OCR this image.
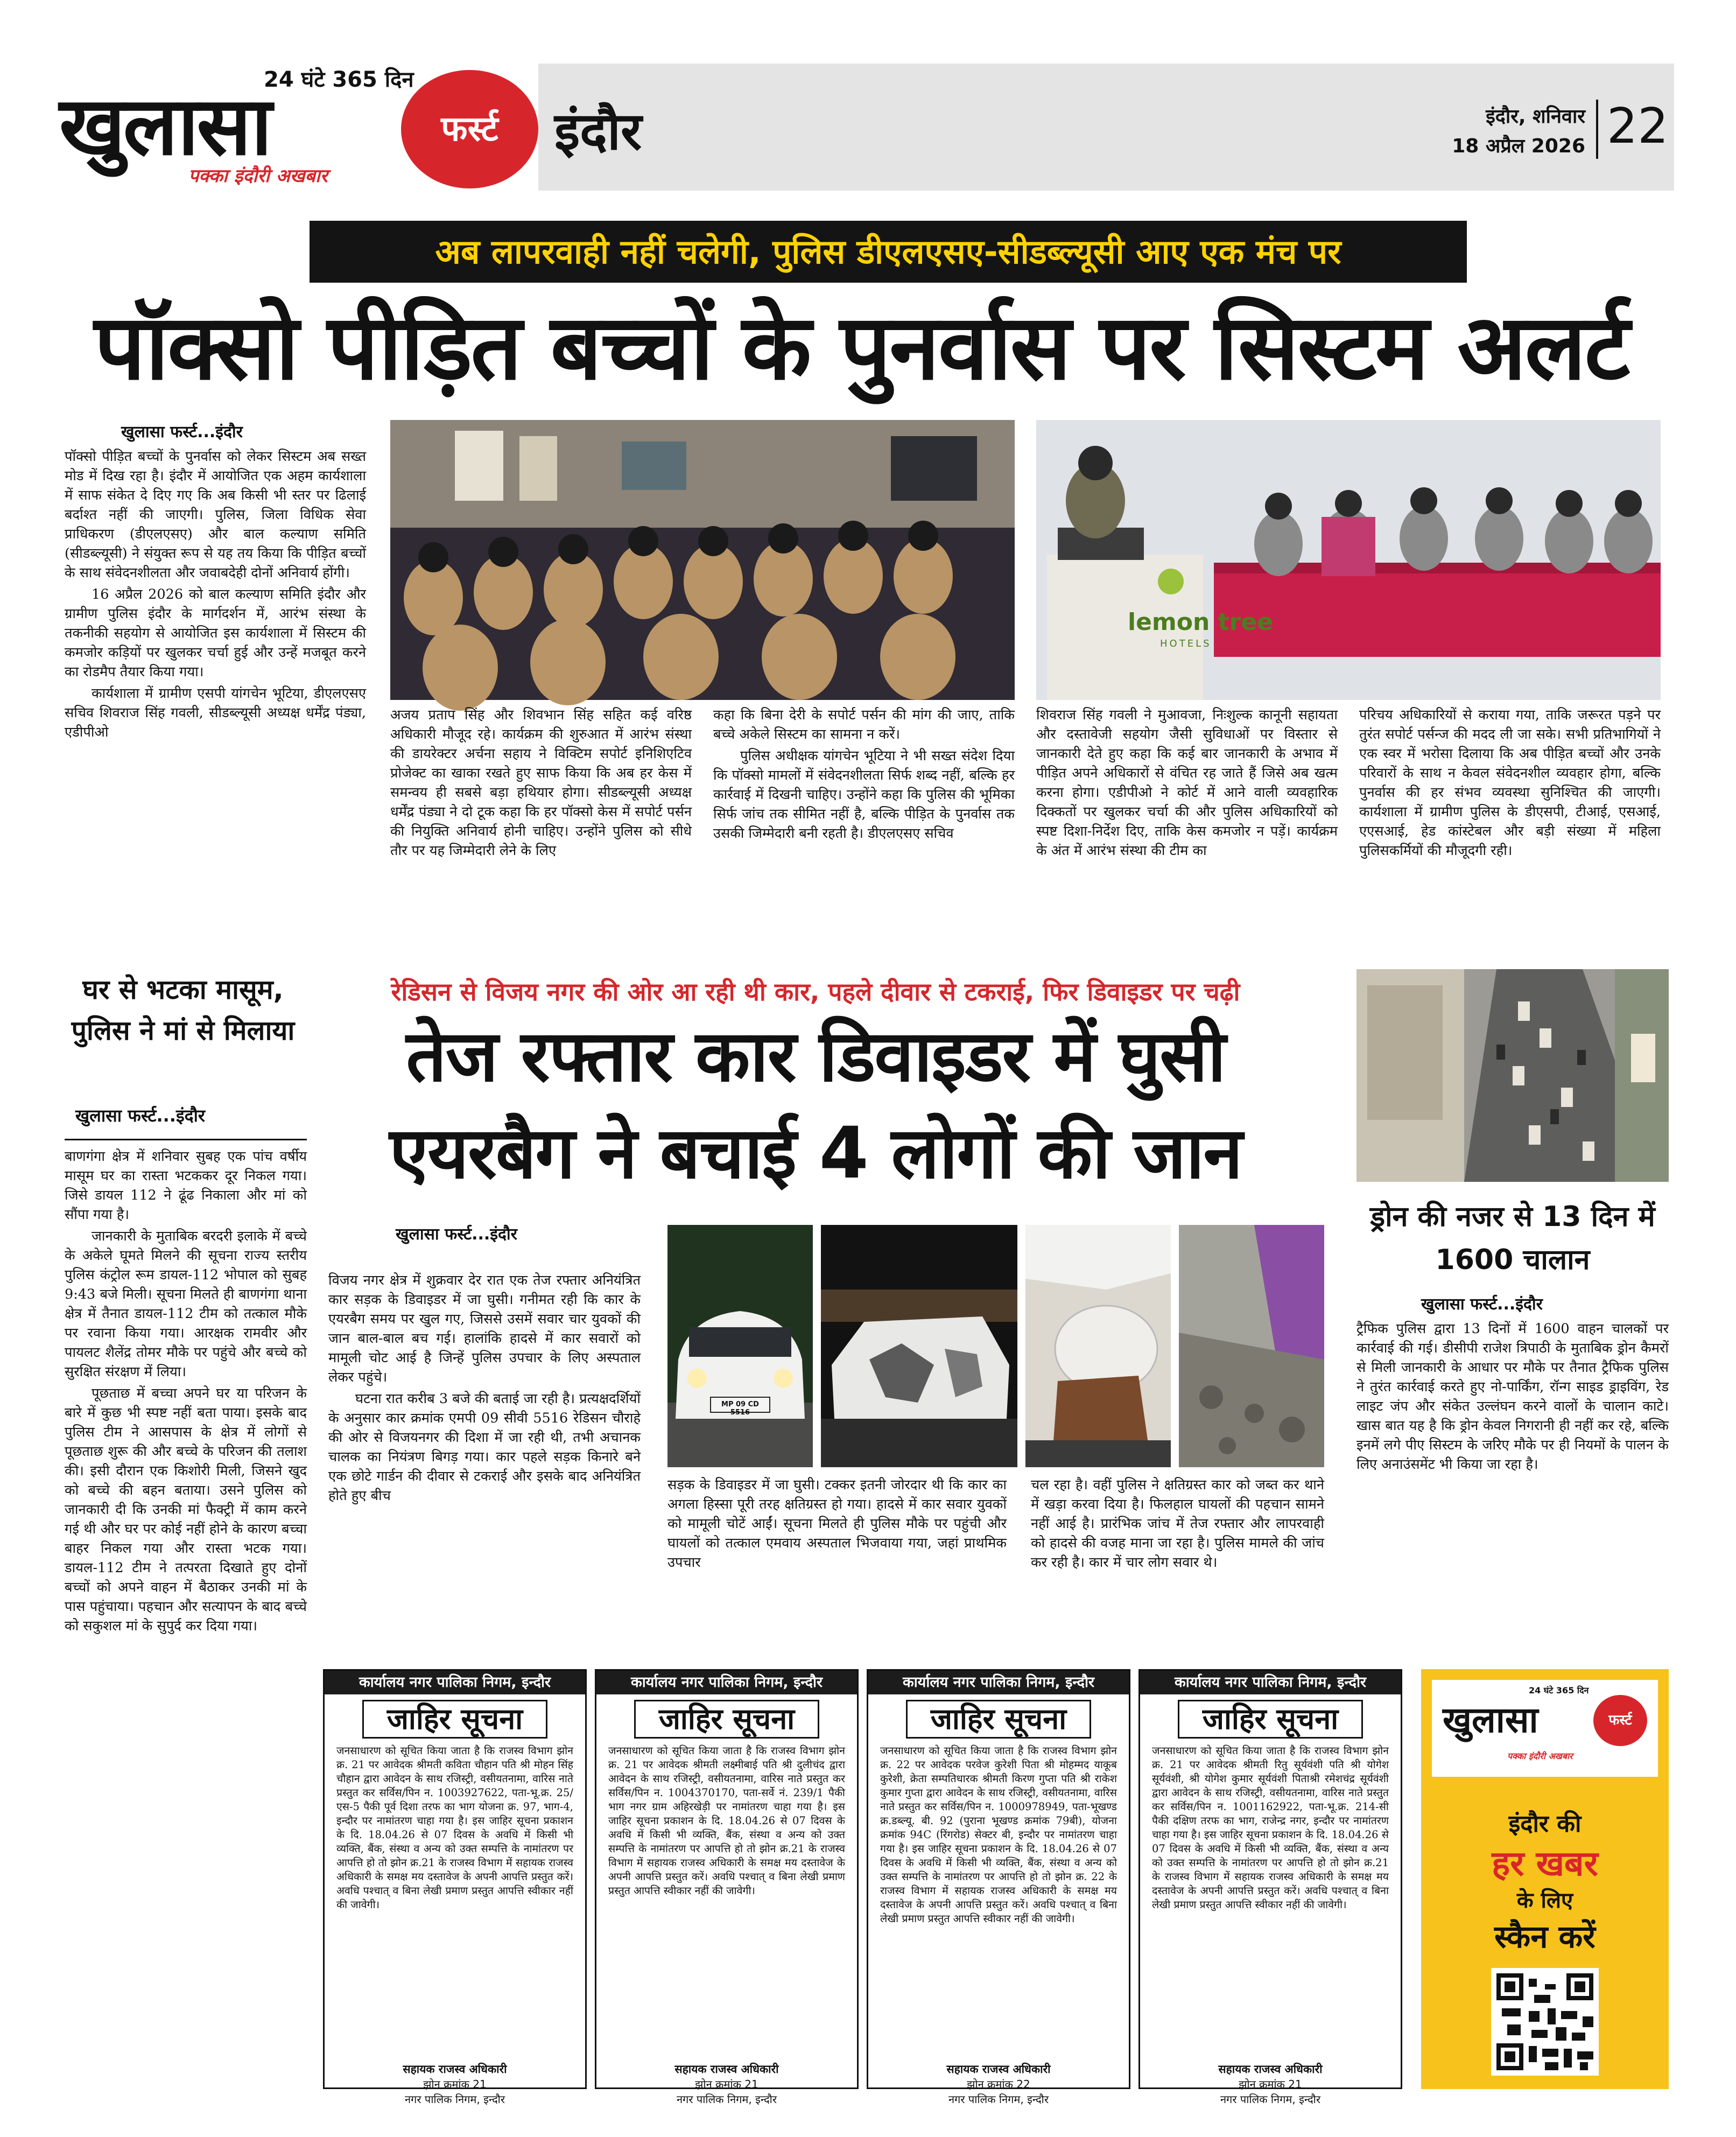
24 घंटे 365 दिन
खुलासा	फर्स्ट
पक्का इंदौरी अखबार
इंदौर	इंदौर, शनिवार
18 अप्रैल 2026 22
अब लापरवाही नहीं चलेगी, पुलिस डीएलएसए-सीडब्ल्यूसी आए एक मंच पर
पॉक्सो पीड़ित बच्चों के पुनर्वास पर सिस्टम अलर्ट
खुलासा फर्स्ट...इंदौर

पॉक्सो पीड़ित बच्चों के पुनर्वास को लेकर सिस्टम अब सख्त मोड में दिख रहा है। इंदौर में आयोजित एक अहम कार्यशाला में साफ संकेत दे दिए गए कि अब किसी भी स्तर पर ढिलाई बर्दाश्त नहीं की जाएगी। पुलिस, जिला विधिक सेवा प्राधिकरण (डीएलएसए) और बाल कल्याण समिति (सीडब्ल्यूसी) ने संयुक्त रूप से यह तय किया कि पीड़ित बच्चों के साथ संवेदनशीलता और जवाबदेही दोनों अनिवार्य होंगी।

16 अप्रैल 2026 को बाल कल्याण समिति इंदौर और ग्रामीण पुलिस इंदौर के मार्गदर्शन में, आरंभ संस्था के तकनीकी सहयोग से आयोजित इस कार्यशाला में सिस्टम की कमजोर कड़ियों पर खुलकर चर्चा हुई और उन्हें मजबूत करने का रोडमैप तैयार किया गया।

कार्यशाला में ग्रामीण एसपी यांगचेन भूटिया, डीएलएसए सचिव शिवराज सिंह गवली, सीडब्ल्यूसी अध्यक्ष धर्मेंद्र पंड्या, एडीपीओ

lemon tree
HOTELS

अजय प्रताप सिंह और शिवभान सिंह सहित कई वरिष्ठ अधिकारी मौजूद रहे। कार्यक्रम की शुरुआत में आरंभ संस्था की डायरेक्टर अर्चना सहाय ने विक्टिम सपोर्ट इनिशिएटिव प्रोजेक्ट का खाका रखते हुए साफ किया कि अब हर केस में समन्वय ही सबसे बड़ा हथियार होगा। सीडब्ल्यूसी अध्यक्ष धर्मेंद्र पंड्या ने दो टूक कहा कि हर पॉक्सो केस में सपोर्ट पर्सन की नियुक्ति अनिवार्य होनी चाहिए। उन्होंने पुलिस को सीधे तौर पर यह जिम्मेदारी लेने के लिए

कहा कि बिना देरी के सपोर्ट पर्सन की मांग की जाए, ताकि बच्चे अकेले सिस्टम का सामना न करें।

पुलिस अधीक्षक यांगचेन भूटिया ने भी सख्त संदेश दिया कि पॉक्सो मामलों में संवेदनशीलता सिर्फ शब्द नहीं, बल्कि हर कार्रवाई में दिखनी चाहिए। उन्होंने कहा कि पुलिस की भूमिका सिर्फ जांच तक सीमित नहीं है, बल्कि पीड़ित के पुनर्वास तक उसकी जिम्मेदारी बनी रहती है। डीएलएसए सचिव

शिवराज सिंह गवली ने मुआवजा, निःशुल्क कानूनी सहायता और दस्तावेजी सहयोग जैसी सुविधाओं पर विस्तार से जानकारी देते हुए कहा कि कई बार जानकारी के अभाव में पीड़ित अपने अधिकारों से वंचित रह जाते हैं जिसे अब खत्म करना होगा। एडीपीओ ने कोर्ट में आने वाली व्यवहारिक दिक्कतों पर खुलकर चर्चा की और पुलिस अधिकारियों को स्पष्ट दिशा-निर्देश दिए, ताकि केस कमजोर न पड़ें। कार्यक्रम के अंत में आरंभ संस्था की टीम का

परिचय अधिकारियों से कराया गया, ताकि जरूरत पड़ने पर तुरंत सपोर्ट पर्सन्ज की मदद ली जा सके। सभी प्रतिभागियों ने एक स्वर में भरोसा दिलाया कि अब पीड़ित बच्चों और उनके परिवारों के साथ न केवल संवेदनशील व्यवहार होगा, बल्कि पुनर्वास की हर संभव व्यवस्था सुनिश्चित की जाएगी। कार्यशाला में ग्रामीण पुलिस के डीएसपी, टीआई, एसआई, एएसआई, हेड कांस्टेबल और बड़ी संख्या में महिला पुलिसकर्मियों की मौजूदगी रही।

घर से भटका मासूम, पुलिस ने मां से मिलाया
खुलासा फर्स्ट...इंदौर

बाणगंगा क्षेत्र में शनिवार सुबह एक पांच वर्षीय मासूम घर का रास्ता भटककर दूर निकल गया। जिसे डायल 112 ने ढूंढ निकाला और मां को सौंपा गया है।

जानकारी के मुताबिक बरदरी इलाके में बच्चे के अकेले घूमते मिलने की सूचना राज्य स्तरीय पुलिस कंट्रोल रूम डायल-112 भोपाल को सुबह 9:43 बजे मिली। सूचना मिलते ही बाणगंगा थाना क्षेत्र में तैनात डायल-112 टीम को तत्काल मौके पर रवाना किया गया। आरक्षक रामवीर और पायलट शैलेंद्र तोमर मौके पर पहुंचे और बच्चे को सुरक्षित संरक्षण में लिया।

पूछताछ में बच्चा अपने घर या परिजन के बारे में कुछ भी स्पष्ट नहीं बता पाया। इसके बाद पुलिस टीम ने आसपास के क्षेत्र में लोगों से पूछताछ शुरू की और बच्चे के परिजन की तलाश की। इसी दौरान एक किशोरी मिली, जिसने खुद को बच्चे की बहन बताया। उसने पुलिस को जानकारी दी कि उनकी मां फैक्ट्री में काम करने गई थी और घर पर कोई नहीं होने के कारण बच्चा बाहर निकल गया और रास्ता भटक गया। डायल-112 टीम ने तत्परता दिखाते हुए दोनों बच्चों को अपने वाहन में बैठाकर उनकी मां के पास पहुंचाया। पहचान और सत्यापन के बाद बच्चे को सकुशल मां के सुपुर्द कर दिया गया।

रेडिसन से विजय नगर की ओर आ रही थी कार, पहले दीवार से टकराई, फिर डिवाइडर पर चढ़ी
तेज रफ्तार कार डिवाइडर में घुसी
एयरबैग ने बचाई 4 लोगों की जान
खुलासा फर्स्ट...इंदौर

विजय नगर क्षेत्र में शुक्रवार देर रात एक तेज रफ्तार अनियंत्रित कार सड़क के डिवाइडर में जा घुसी। गनीमत रही कि कार के एयरबैग समय पर खुल गए, जिससे उसमें सवार चार युवकों की जान बाल-बाल बच गई। हालांकि हादसे में कार सवारों को मामूली चोट आई है जिन्हें पुलिस उपचार के लिए अस्पताल लेकर पहुंचे।

घटना रात करीब 3 बजे की बताई जा रही है। प्रत्यक्षदर्शियों के अनुसार कार क्रमांक एमपी 09 सीवी 5516 रेडिसन चौराहे की ओर से विजयनगर की दिशा में जा रही थी, तभी अचानक चालक का नियंत्रण बिगड़ गया। कार पहले सड़क किनारे बने एक छोटे गार्डन की दीवार से टकराई और इसके बाद अनियंत्रित होते हुए बीच

MP 09 CD 5516

सड़क के डिवाइडर में जा घुसी। टक्कर इतनी जोरदार थी कि कार का अगला हिस्सा पूरी तरह क्षतिग्रस्त हो गया। हादसे में कार सवार युवकों को मामूली चोटें आईं। सूचना मिलते ही पुलिस मौके पर पहुंची और घायलों को तत्काल एमवाय अस्पताल भिजवाया गया, जहां प्राथमिक उपचार

चल रहा है। वहीं पुलिस ने क्षतिग्रस्त कार को जब्त कर थाने में खड़ा करवा दिया है। फिलहाल घायलों की पहचान सामने नहीं आई है। प्रारंभिक जांच में तेज रफ्तार और लापरवाही को हादसे की वजह माना जा रहा है। पुलिस मामले की जांच कर रही है। कार में चार लोग सवार थे।

ड्रोन की नजर से 13 दिन में 1600 चालान
खुलासा फर्स्ट...इंदौर

ट्रैफिक पुलिस द्वारा 13 दिनों में 1600 वाहन चालकों पर कार्रवाई की गई। डीसीपी राजेश त्रिपाठी के मुताबिक ड्रोन कैमरों से मिली जानकारी के आधार पर मौके पर तैनात ट्रैफिक पुलिस ने तुरंत कार्रवाई करते हुए नो-पार्किंग, रॉन्ग साइड ड्राइविंग, रेड लाइट जंप और संकेत उल्लंघन करने वालों के चालान काटे। खास बात यह है कि ड्रोन केवल निगरानी ही नहीं कर रहे, बल्कि इनमें लगे पीए सिस्टम के जरिए मौके पर ही नियमों के पालन के लिए अनाउंसमेंट भी किया जा रहा है।

कार्यालय नगर पालिका निगम, इन्दौर
जाहिर सूचना
जनसाधारण को सूचित किया जाता है कि राजस्व विभाग झोन क्र. 21 पर आवेदक श्रीमती कविता चौहान पति श्री मोहन सिंह चौहान द्वारा आवेदन के साथ रजिस्ट्री, वसीयतनामा, वारिस नाते प्रस्तुत कर सर्विस/पिन न. 1003927622, पता-भू.क्र. 25/एस-5 पैकी पूर्व दिशा तरफ का भाग योजना क्र. 97, भाग-4, इन्दौर पर नामांतरण चाहा गया है। इस जाहिर सूचना प्रकाशन के दि. 18.04.26 से 07 दिवस के अवधि में किसी भी व्यक्ति, बैंक, संस्था व अन्य को उक्त सम्पत्ति के नामांतरण पर आपत्ति हो तो झोन क्र.21 के राजस्व विभाग में सहायक राजस्व अधिकारी के समक्ष मय दस्तावेज के अपनी आपत्ति प्रस्तुत करें। अवधि पश्चात् व बिना लेखी प्रमाण प्रस्तुत आपत्ति स्वीकार नहीं की जावेगी।
सहायक राजस्व अधिकारी
झोन क्रमांक 21
नगर पालिक निगम, इन्दौर
कार्यालय नगर पालिका निगम, इन्दौर
जाहिर सूचना
जनसाधारण को सूचित किया जाता है कि राजस्व विभाग झोन क्र. 21 पर आवेदक श्रीमती लक्ष्मीबाई पति श्री दुलीचंद द्वारा आवेदन के साथ रजिस्ट्री, वसीयतनामा, वारिस नाते प्रस्तुत कर सर्विस/पिन न. 1004370170, पता-सर्वे नं. 239/1 पैकी भाग नगर ग्राम अहिरखेड़ी पर नामांतरण चाहा गया है। इस जाहिर सूचना प्रकाशन के दि. 18.04.26 से 07 दिवस के अवधि में किसी भी व्यक्ति, बैंक, संस्था व अन्य को उक्त सम्पत्ति के नामांतरण पर आपत्ति हो तो झोन क्र.21 के राजस्व विभाग में सहायक राजस्व अधिकारी के समक्ष मय दस्तावेज के अपनी आपत्ति प्रस्तुत करें। अवधि पश्चात् व बिना लेखी प्रमाण प्रस्तुत आपत्ति स्वीकार नहीं की जावेगी।
सहायक राजस्व अधिकारी
झोन क्रमांक 21
नगर पालिक निगम, इन्दौर
कार्यालय नगर पालिका निगम, इन्दौर
जाहिर सूचना
जनसाधारण को सूचित किया जाता है कि राजस्व विभाग झोन क्र. 22 पर आवेदक परवेज कुरेशी पिता श्री मोहम्मद याकूब कुरेशी, क्रेता सम्पतिधारक श्रीमती किरण गुप्ता पति श्री राकेश कुमार गुप्ता द्वारा आवेदन के साथ रजिस्ट्री, वसीयतनामा, वारिस नाते प्रस्तुत कर सर्विस/पिन न. 1000978949, पता-भूखण्ड क्र.डब्ल्यू. बी. 92 (पुराना भूखण्ड क्रमांक 79बी), योजना क्रमांक 94C (रिंगरोड) सेक्टर बी, इन्दौर पर नामांतरण चाहा गया है। इस जाहिर सूचना प्रकाशन के दि. 18.04.26 से 07 दिवस के अवधि में किसी भी व्यक्ति, बैंक, संस्था व अन्य को उक्त सम्पत्ति के नामांतरण पर आपत्ति हो तो झोन क्र. 22 के राजस्व विभाग में सहायक राजस्व अधिकारी के समक्ष मय दस्तावेज के अपनी आपत्ति प्रस्तुत करें। अवधि पश्चात् व बिना लेखी प्रमाण प्रस्तुत आपत्ति स्वीकार नहीं की जावेगी।
सहायक राजस्व अधिकारी
झोन क्रमांक 22
नगर पालिक निगम, इन्दौर
कार्यालय नगर पालिका निगम, इन्दौर
जाहिर सूचना
जनसाधारण को सूचित किया जाता है कि राजस्व विभाग झोन क्र. 21 पर आवेदक श्रीमती रितु सूर्यवंशी पति श्री योगेश सूर्यवंशी, श्री योगेश कुमार सूर्यवंशी पिताश्री रमेशचंद्र सूर्यवंशी द्वारा आवेदन के साथ रजिस्ट्री, वसीयतनामा, वारिस नाते प्रस्तुत कर सर्विस/पिन न. 1001162922, पता-भू.क्र. 214-सी पैकी दक्षिण तरफ का भाग, राजेन्द्र नगर, इन्दौर पर नामांतरण चाहा गया है। इस जाहिर सूचना प्रकाशन के दि. 18.04.26 से 07 दिवस के अवधि में किसी भी व्यक्ति, बैंक, संस्था व अन्य को उक्त सम्पत्ति के नामांतरण पर आपत्ति हो तो झोन क्र.21 के राजस्व विभाग में सहायक राजस्व अधिकारी के समक्ष मय दस्तावेज के अपनी आपत्ति प्रस्तुत करें। अवधि पश्चात् व बिना लेखी प्रमाण प्रस्तुत आपत्ति स्वीकार नहीं की जावेगी।
सहायक राजस्व अधिकारी
झोन क्रमांक 21
नगर पालिक निगम, इन्दौर
24 घंटे 365 दिन
खुलासा	फर्स्ट
पक्का इंदौरी अखबार
इंदौर की
हर खबर
के लिए
स्कैन करें
